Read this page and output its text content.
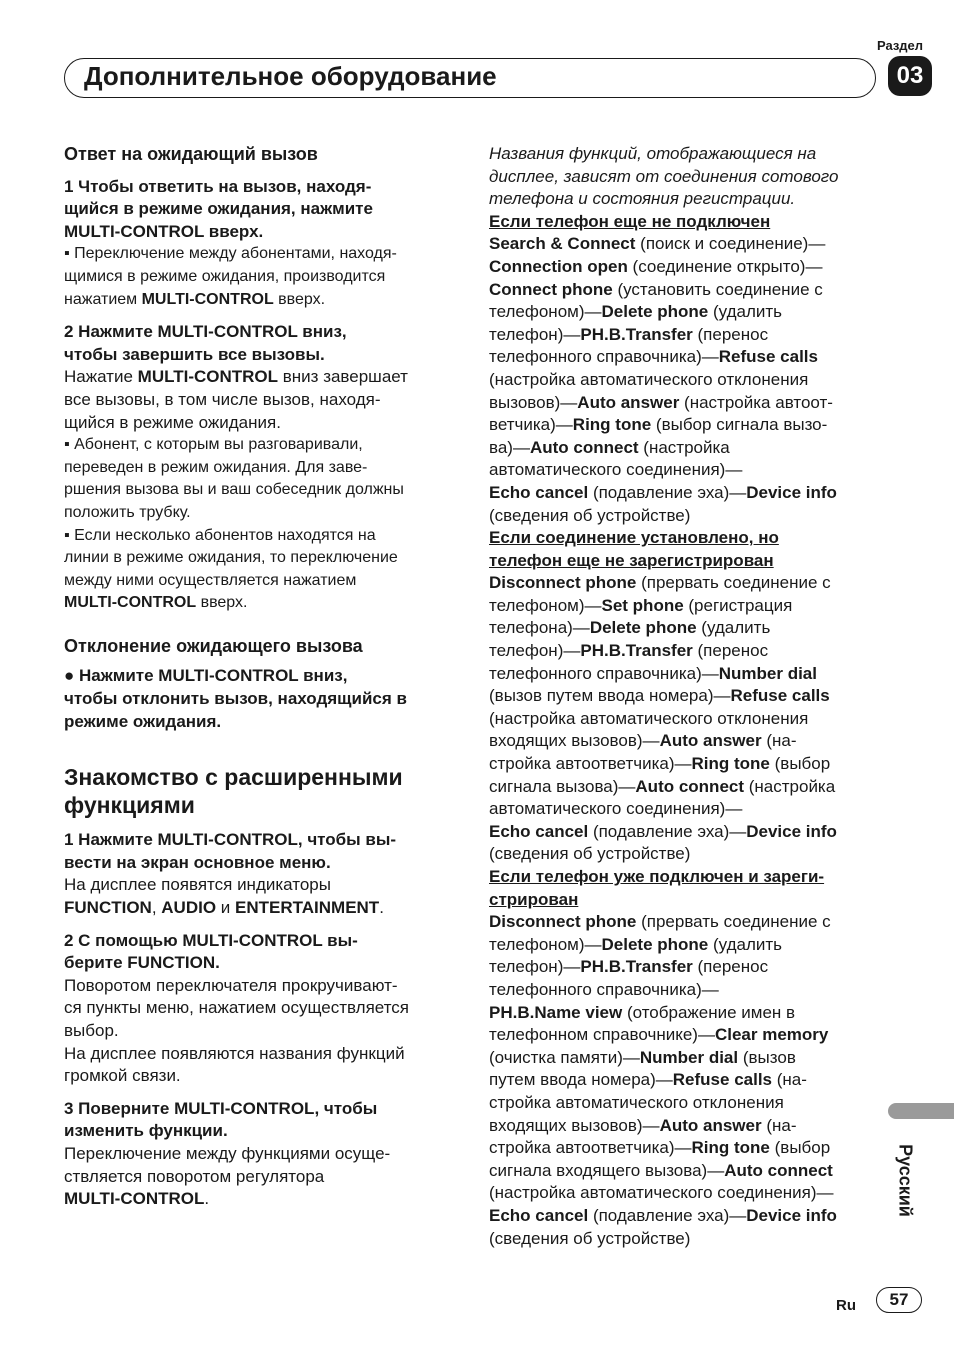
Дополнительное оборудование
Раздел
03

Ответ на ожидающий вызов

1 Чтобы ответить на вызов, находя-

щийся в режиме ожидания, нажмите

MULTI-CONTROL вверх.

▪ Переключение между абонентами, находя-

щимися в режиме ожидания, производится

нажатием MULTI-CONTROL вверх.

2 Нажмите MULTI-CONTROL вниз,

чтобы завершить все вызовы.

Нажатие MULTI-CONTROL вниз завершает

все вызовы, в том числе вызов, находя-

щийся в режиме ожидания.

▪ Абонент, с которым вы разговаривали,

переведен в режим ожидания. Для заве-

ршения вызова вы и ваш собеседник должны

положить трубку.

▪ Если несколько абонентов находятся на

линии в режиме ожидания, то переключение

между ними осуществляется нажатием

MULTI-CONTROL вверх.

Отклонение ожидающего вызова

● Нажмите MULTI-CONTROL вниз,

чтобы отклонить вызов, находящийся в

режиме ожидания.

Знакомство с расширенными

функциями

1 Нажмите MULTI-CONTROL, чтобы вы-

вести на экран основное меню.

На дисплее появятся индикаторы

FUNCTION, AUDIO и ENTERTAINMENT.

2 С помощью MULTI-CONTROL вы-

берите FUNCTION.

Поворотом переключателя прокручивают-

ся пункты меню, нажатием осуществляется

выбор.

На дисплее появляются названия функций

громкой связи.

3 Поверните MULTI-CONTROL, чтобы

изменить функции.

Переключение между функциями осуще-

ствляется поворотом регулятора

MULTI-CONTROL.

Названия функций, отображающиеся на

дисплее, зависят от соединения сотового

телефона и состояния регистрации.

Если телефон еще не подключен

Search & Connect (поиск и соединение)—

Connection open (соединение открыто)—

Connect phone (установить соединение с

телефоном)—Delete phone (удалить

телефон)—PH.B.Transfer (перенос

телефонного справочника)—Refuse calls

(настройка автоматического отклонения

вызовов)—Auto answer (настройка автоот-

ветчика)—Ring tone (выбор сигнала вызо-

ва)—Auto connect (настройка

автоматического соединения)—

Echo cancel (подавление эха)—Device info

(сведения об устройстве)

Если соединение установлено, но

телефон еще не зарегистрирован

Disconnect phone (прервать соединение с

телефоном)—Set phone (регистрация

телефона)—Delete phone (удалить

телефон)—PH.B.Transfer (перенос

телефонного справочника)—Number dial

(вызов путем ввода номера)—Refuse calls

(настройка автоматического отклонения

входящих вызовов)—Auto answer (на-

стройка автоответчика)—Ring tone (выбор

сигнала вызова)—Auto connect (настройка

автоматического соединения)—

Echo cancel (подавление эха)—Device info

(сведения об устройстве)

Если телефон уже подключен и зареги-

стрирован

Disconnect phone (прервать соединение с

телефоном)—Delete phone (удалить

телефон)—PH.B.Transfer (перенос

телефонного справочника)—

PH.B.Name view (отображение имен в

телефонном справочнике)—Clear memory

(очистка памяти)—Number dial (вызов

путем ввода номера)—Refuse calls (на-

стройка автоматического отклонения

входящих вызовов)—Auto answer (на-

стройка автоответчика)—Ring tone (выбор

сигнала входящего вызова)—Auto connect

(настройка автоматического соединения)—

Echo cancel (подавление эха)—Device info

(сведения об устройстве)

Русский
Ru	57
